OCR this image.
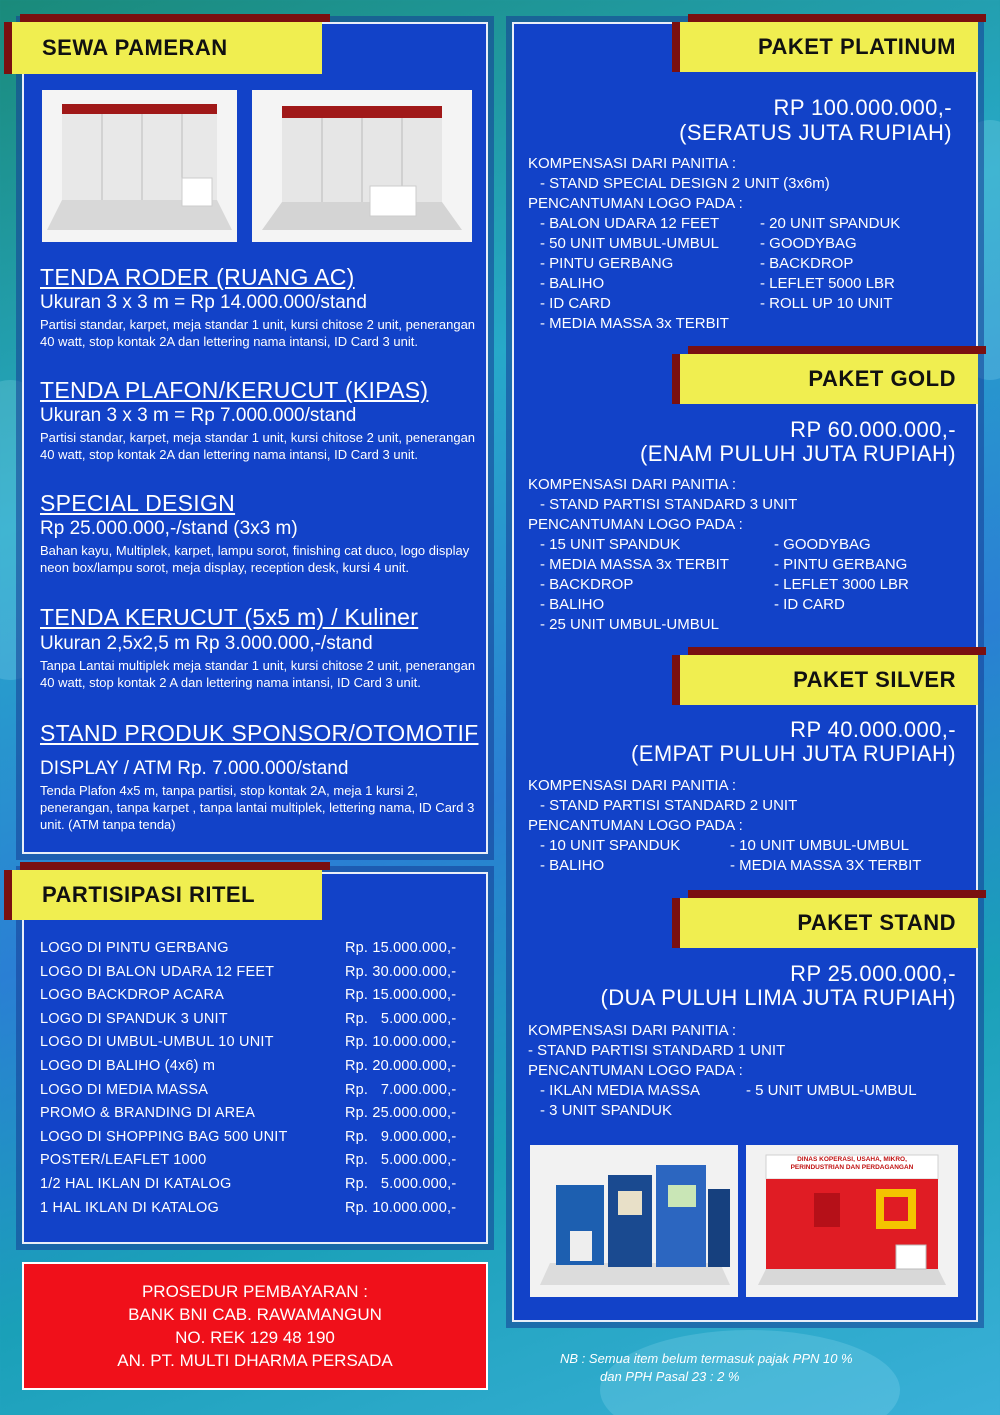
SEWA PAMERAN
TENDA RODER (RUANG AC)
Ukuran 3 x 3 m = Rp 14.000.000/stand
Partisi standar, karpet, meja standar 1 unit, kursi chitose 2 unit, penerangan 40 watt, stop kontak 2A dan lettering nama intansi, ID Card 3 unit.
TENDA PLAFON/KERUCUT (KIPAS)
Ukuran 3 x 3 m = Rp 7.000.000/stand
Partisi standar, karpet, meja standar 1 unit, kursi chitose 2 unit, penerangan 40 watt, stop kontak 2A dan lettering nama intansi, ID Card 3 unit.
SPECIAL DESIGN
Rp 25.000.000,-/stand (3x3 m)
Bahan kayu, Multiplek, karpet, lampu sorot, finishing cat duco, logo display neon box/lampu sorot, meja display, reception desk, kursi 4 unit.
TENDA KERUCUT (5x5 m) / Kuliner
Ukuran 2,5x2,5 m Rp 3.000.000,-/stand
Tanpa Lantai multiplek meja standar 1 unit, kursi chitose 2 unit, penerangan 40 watt, stop kontak 2 A dan lettering nama intansi, ID Card 3 unit.
STAND PRODUK SPONSOR/OTOMOTIF
DISPLAY / ATM Rp. 7.000.000/stand
Tenda Plafon 4x5 m, tanpa partisi, stop kontak 2A, meja 1 kursi 2, penerangan, tanpa karpet , tanpa lantai multiplek, lettering nama, ID Card 3 unit. (ATM tanpa tenda)
PARTISIPASI RITEL
LOGO DI PINTU GERBANG	Rp. 15.000.000,-
LOGO DI BALON UDARA 12 FEET	Rp. 30.000.000,-
LOGO BACKDROP ACARA	Rp. 15.000.000,-
LOGO DI SPANDUK 3 UNIT	Rp.   5.000.000,-
LOGO DI UMBUL-UMBUL 10 UNIT	Rp. 10.000.000,-
LOGO DI BALIHO (4x6) m	Rp. 20.000.000,-
LOGO DI MEDIA MASSA	Rp.   7.000.000,-
PROMO & BRANDING DI AREA	Rp. 25.000.000,-
LOGO DI SHOPPING BAG 500 UNIT	Rp.   9.000.000,-
POSTER/LEAFLET 1000	Rp.   5.000.000,-
1/2 HAL IKLAN DI KATALOG	Rp.   5.000.000,-
1 HAL IKLAN DI KATALOG	Rp. 10.000.000,-
PROSEDUR PEMBAYARAN :
BANK BNI CAB. RAWAMANGUN
NO. REK 129 48 190
AN. PT. MULTI DHARMA PERSADA
PAKET PLATINUM
RP 100.000.000,-
(SERATUS JUTA RUPIAH)
KOMPENSASI DARI PANITIA :
- STAND SPECIAL DESIGN 2 UNIT (3x6m)
PENCANTUMAN LOGO PADA :
- BALON UDARA 12 FEET
- 50 UNIT UMBUL-UMBUL
- PINTU GERBANG
- BALIHO
- ID CARD
- MEDIA MASSA 3x TERBIT
- 20 UNIT SPANDUK
- GOODYBAG
- BACKDROP
- LEFLET 5000 LBR
- ROLL UP 10 UNIT
PAKET GOLD
RP 60.000.000,-
(ENAM PULUH JUTA RUPIAH)
KOMPENSASI DARI PANITIA :
- STAND PARTISI STANDARD 3 UNIT
PENCANTUMAN LOGO PADA :
- 15 UNIT SPANDUK
- MEDIA MASSA 3x TERBIT
- BACKDROP
- BALIHO
- 25 UNIT UMBUL-UMBUL
- GOODYBAG
- PINTU GERBANG
- LEFLET 3000 LBR
- ID CARD
PAKET SILVER
RP 40.000.000,-
(EMPAT PULUH JUTA RUPIAH)
KOMPENSASI DARI PANITIA :
- STAND PARTISI STANDARD 2 UNIT
PENCANTUMAN LOGO PADA :
- 10 UNIT SPANDUK
- BALIHO
- 10 UNIT UMBUL-UMBUL
- MEDIA MASSA 3X TERBIT
PAKET STAND
RP 25.000.000,-
(DUA PULUH LIMA JUTA RUPIAH)
KOMPENSASI DARI PANITIA :
- STAND PARTISI STANDARD 1 UNIT
PENCANTUMAN LOGO PADA :
- IKLAN MEDIA MASSA
- 3 UNIT SPANDUK
- 5 UNIT UMBUL-UMBUL
DINAS KOPERASI, USAHA, MIKRO, PERINDUSTRIAN DAN PERDAGANGAN
NB : Semua item belum termasuk pajak PPN 10 %
dan PPH Pasal 23 : 2 %
